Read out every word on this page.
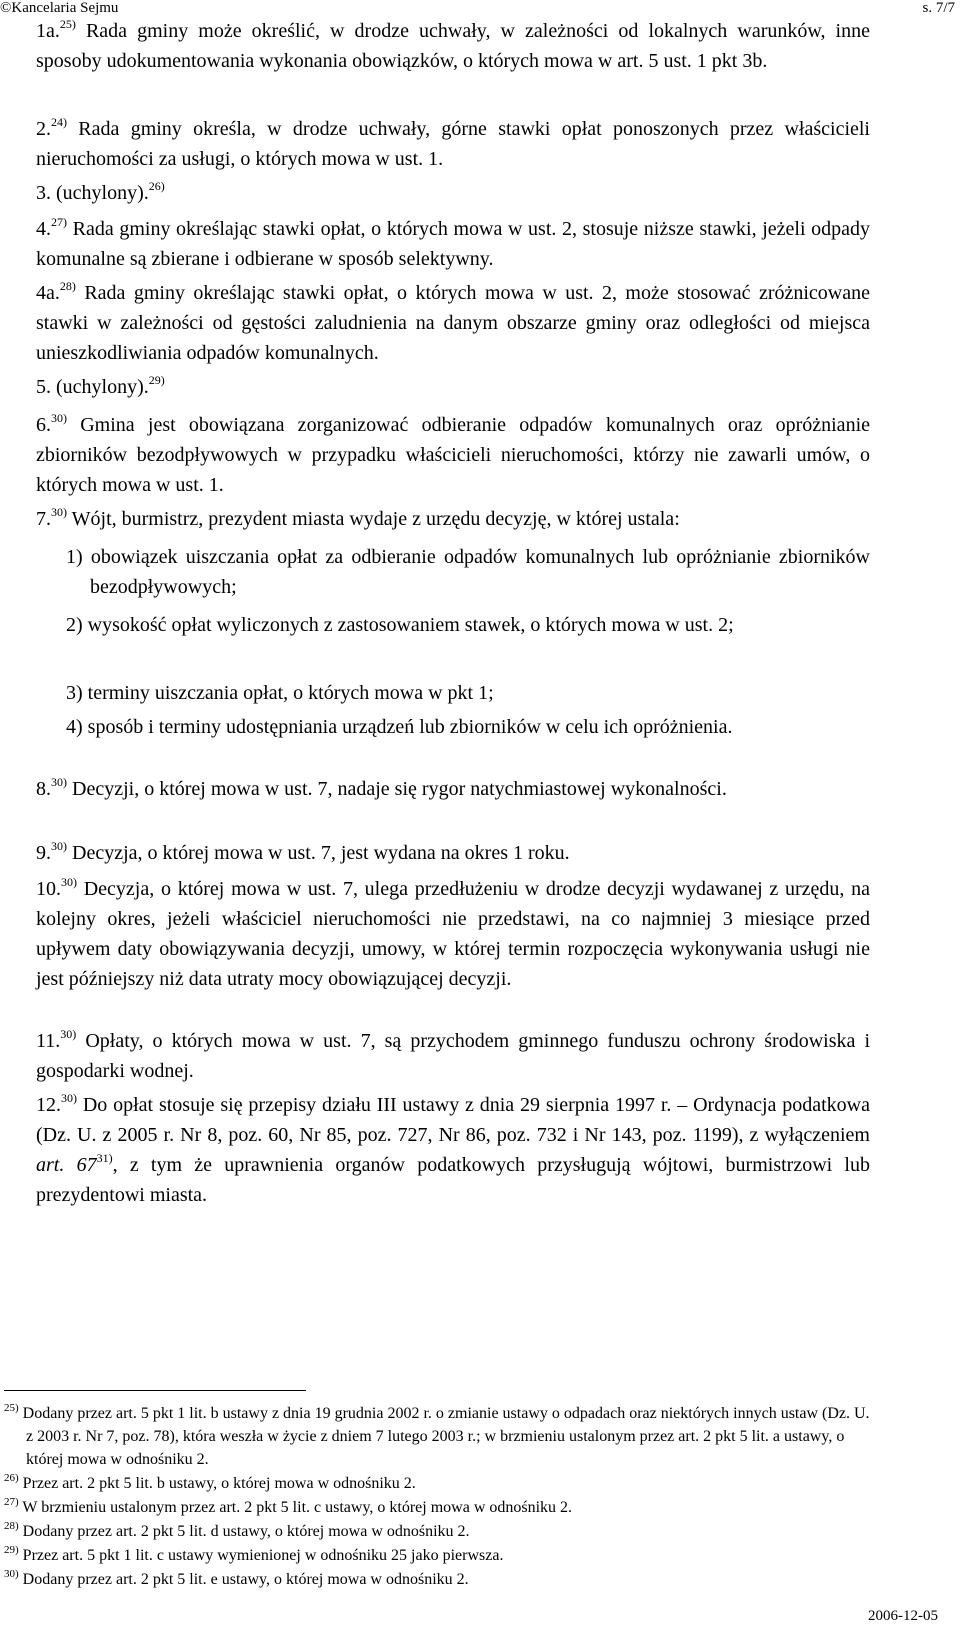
©Kancelaria Sejmu	s. 7/7
1a.$^{25)}$ Rada gminy może określić, w drodze uchwały, w zależności od lokalnych warunków, inne sposoby udokumentowania wykonania obowiązków, o których mowa w art. 5 ust. 1 pkt 3b.
2.$^{24)}$ Rada gminy określa, w drodze uchwały, górne stawki opłat ponoszonych przez właścicieli nieruchomości za usługi, o których mowa w ust. 1.
3. (uchylony).$^{26)}$
4.$^{27)}$ Rada gminy określając stawki opłat, o których mowa w ust. 2, stosuje niższe stawki, jeżeli odpady komunalne są zbierane i odbierane w sposób selektywny.
4a.$^{28)}$ Rada gminy określając stawki opłat, o których mowa w ust. 2, może stosować zróżnicowane stawki w zależności od gęstości zaludnienia na danym obszarze gminy oraz odległości od miejsca unieszkodliwiania odpadów komunalnych.
5. (uchylony).$^{29)}$
6.$^{30)}$ Gmina jest obowiązana zorganizować odbieranie odpadów komunalnych oraz opróżnianie zbiorników bezodpływowych w przypadku właścicieli nieruchomości, którzy nie zawarli umów, o których mowa w ust. 1.
7.$^{30)}$ Wójt, burmistrz, prezydent miasta wydaje z urzędu decyzję, w której ustala:
1) obowiązek uiszczania opłat za odbieranie odpadów komunalnych lub opróżnianie zbiorników bezodpływowych;
2) wysokość opłat wyliczonych z zastosowaniem stawek, o których mowa w ust. 2;
3) terminy uiszczania opłat, o których mowa w pkt 1;
4) sposób i terminy udostępniania urządzeń lub zbiorników w celu ich opróżnienia.
8.$^{30)}$ Decyzji, o której mowa w ust. 7, nadaje się rygor natychmiastowej wykonalności.
9.$^{30)}$ Decyzja, o której mowa w ust. 7, jest wydana na okres 1 roku.
10.$^{30)}$ Decyzja, o której mowa w ust. 7, ulega przedłużeniu w drodze decyzji wydawanej z urzędu, na kolejny okres, jeżeli właściciel nieruchomości nie przedstawi, na co najmniej 3 miesiące przed upływem daty obowiązywania decyzji, umowy, w której termin rozpoczęcia wykonywania usługi nie jest późniejszy niż data utraty mocy obowiązującej decyzji.
11.$^{30)}$ Opłaty, o których mowa w ust. 7, są przychodem gminnego funduszu ochrony środowiska i gospodarki wodnej.
12.$^{30)}$ Do opłat stosuje się przepisy działu III ustawy z dnia 29 sierpnia 1997 r. – Ordynacja podatkowa (Dz. U. z 2005 r. Nr 8, poz. 60, Nr 85, poz. 727, Nr 86, poz. 732 i Nr 143, poz. 1199), z wyłączeniem art. 67$^{31)}$, z tym że uprawnienia organów podatkowych przysługują wójtowi, burmistrzowi lub prezydentowi miasta.
$^{25)}$ Dodany przez art. 5 pkt 1 lit. b ustawy z dnia 19 grudnia 2002 r. o zmianie ustawy o odpadach oraz niektórych innych ustaw (Dz. U. z 2003 r. Nr 7, poz. 78), która weszła w życie z dniem 7 lutego 2003 r.; w brzmieniu ustalonym przez art. 2 pkt 5 lit. a ustawy, o której mowa w odnośniku 2.
$^{26)}$ Przez art. 2 pkt 5 lit. b ustawy, o której mowa w odnośniku 2.
$^{27)}$ W brzmieniu ustalonym przez art. 2 pkt 5 lit. c ustawy, o której mowa w odnośniku 2.
$^{28)}$ Dodany przez art. 2 pkt 5 lit. d ustawy, o której mowa w odnośniku 2.
$^{29)}$ Przez art. 5 pkt 1 lit. c ustawy wymienionej w odnośniku 25 jako pierwsza.
$^{30)}$ Dodany przez art. 2 pkt 5 lit. e ustawy, o której mowa w odnośniku 2.
2006-12-05
